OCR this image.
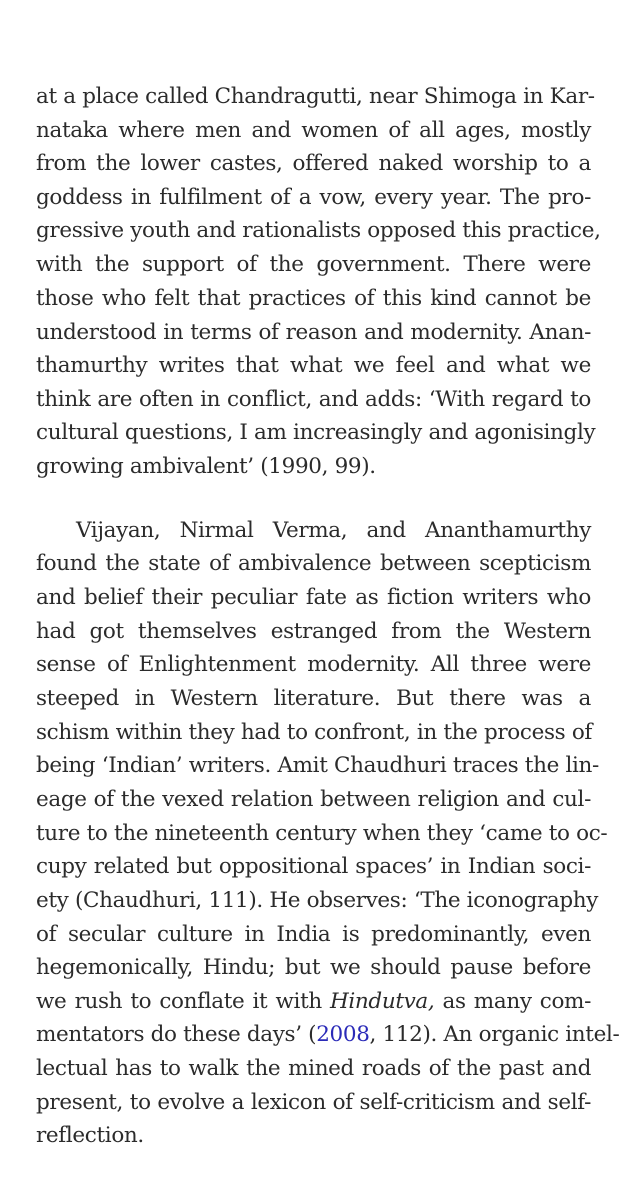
at a place called Chandragutti, near Shimoga in Kar-
nataka where men and women of all ages, mostly
from the lower castes, offered naked worship to a
goddess in fulfilment of a vow, every year. The pro-
gressive youth and rationalists opposed this practice,
with the support of the government. There were
those who felt that practices of this kind cannot be
understood in terms of reason and modernity. Anan-
thamurthy writes that what we feel and what we
think are often in conflict, and adds: ‘With regard to
cultural questions, I am increasingly and agonisingly
growing ambivalent’ (1990, 99).
Vijayan, Nirmal Verma, and Ananthamurthy
found the state of ambivalence between scepticism
and belief their peculiar fate as fiction writers who
had got themselves estranged from the Western
sense of Enlightenment modernity. All three were
steeped in Western literature. But there was a
schism within they had to confront, in the process of
being ‘Indian’ writers. Amit Chaudhuri traces the lin-
eage of the vexed relation between religion and cul-
ture to the nineteenth century when they ‘came to oc-
cupy related but oppositional spaces’ in Indian soci-
ety (Chaudhuri, 111). He observes: ‘The iconography
of secular culture in India is predominantly, even
hegemonically, Hindu; but we should pause before
we rush to conflate it with Hindutva, as many com-
mentators do these days’ (2008, 112). An organic intel-
lectual has to walk the mined roads of the past and
present, to evolve a lexicon of self-criticism and self-
reflection.
